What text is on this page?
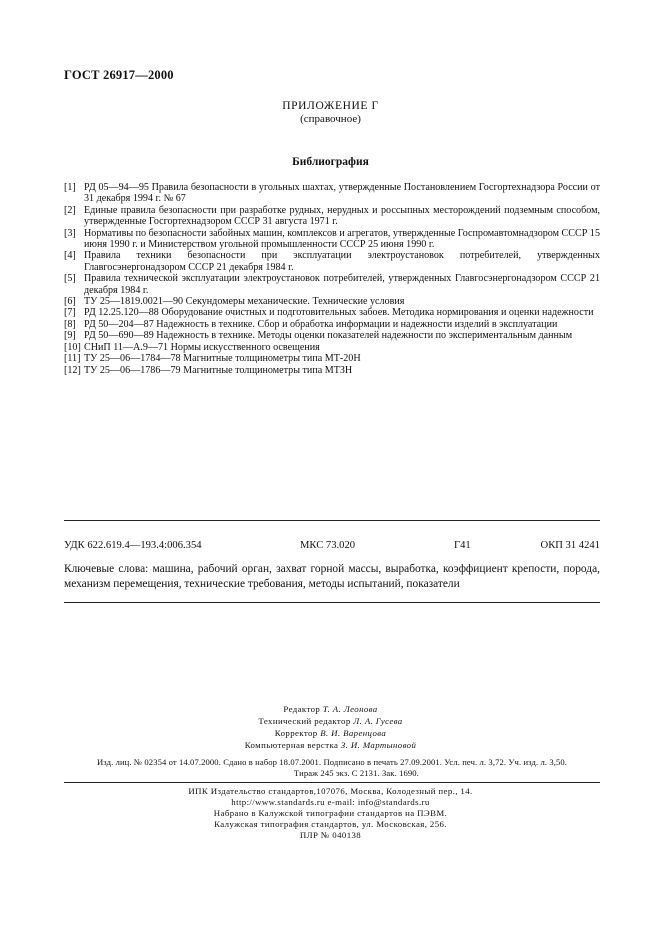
ГОСТ 26917—2000
ПРИЛОЖЕНИЕ Г
(справочное)
Библиография
[1] РД 05—94—95 Правила безопасности в угольных шахтах, утвержденные Постановлением Госгортехнадзора России от 31 декабря 1994 г. № 67
[2] Единые правила безопасности при разработке рудных, нерудных и россыпных месторождений подземным способом, утвержденные Госгортехнадзором СССР 31 августа 1971 г.
[3] Нормативы по безопасности забойных машин, комплексов и агрегатов, утвержденные Госпромавтомнадзором СССР 15 июня 1990 г. и Министерством угольной промышленности СССР 25 июня 1990 г.
[4] Правила техники безопасности при эксплуатации электроустановок потребителей, утвержденных Главгосэнергонадзором СССР 21 декабря 1984 г.
[5] Правила технической эксплуатации электроустановок потребителей, утвержденных Главгосэнергонадзором СССР 21 декабря 1984 г.
[6] ТУ 25—1819.0021—90 Секундомеры механические. Технические условия
[7] РД 12.25.120—88 Оборудование очистных и подготовительных забоев. Методика нормирования и оценки надежности
[8] РД 50—204—87 Надежность в технике. Сбор и обработка информации и надежности изделий в эксплуатации
[9] РД 50—690—89 Надежность в технике. Методы оценки показателей надежности по экспериментальным данным
[10] СНиП 11—А.9—71 Нормы искусственного освещения
[11] ТУ 25—06—1784—78 Магнитные толщинометры типа МТ-20Н
[12] ТУ 25—06—1786—79 Магнитные толщинометры типа МТЗН
УДК 622.619.4—193.4:006.354	МКС 73.020	Г41	ОКП 31 4241
Ключевые слова: машина, рабочий орган, захват горной массы, выработка, коэффициент крепости, порода, механизм перемещения, технические требования, методы испытаний, показатели
Редактор Т. А. Леонова
Технический редактор Л. А. Гусева
Корректор В. И. Варенцова
Компьютерная верстка З. И. Мартыновой
Изд. лиц. № 02354 от 14.07.2000. Сдано в набор 18.07.2001. Подписано в печать 27.09.2001. Усл. печ. л. 3,72. Уч. изд. л. 3,50.
Тираж 245 экз. С 2131. Зак. 1690.
ИПК Издательство стандартов,107076, Москва, Колодезный пер., 14.
http://www.standards.ru e-mail: info@standards.ru
Набрано в Калужской типографии стандартов на ПЭВМ.
Калужская типография стандартов, ул. Московская, 256.
ПЛР № 040138
